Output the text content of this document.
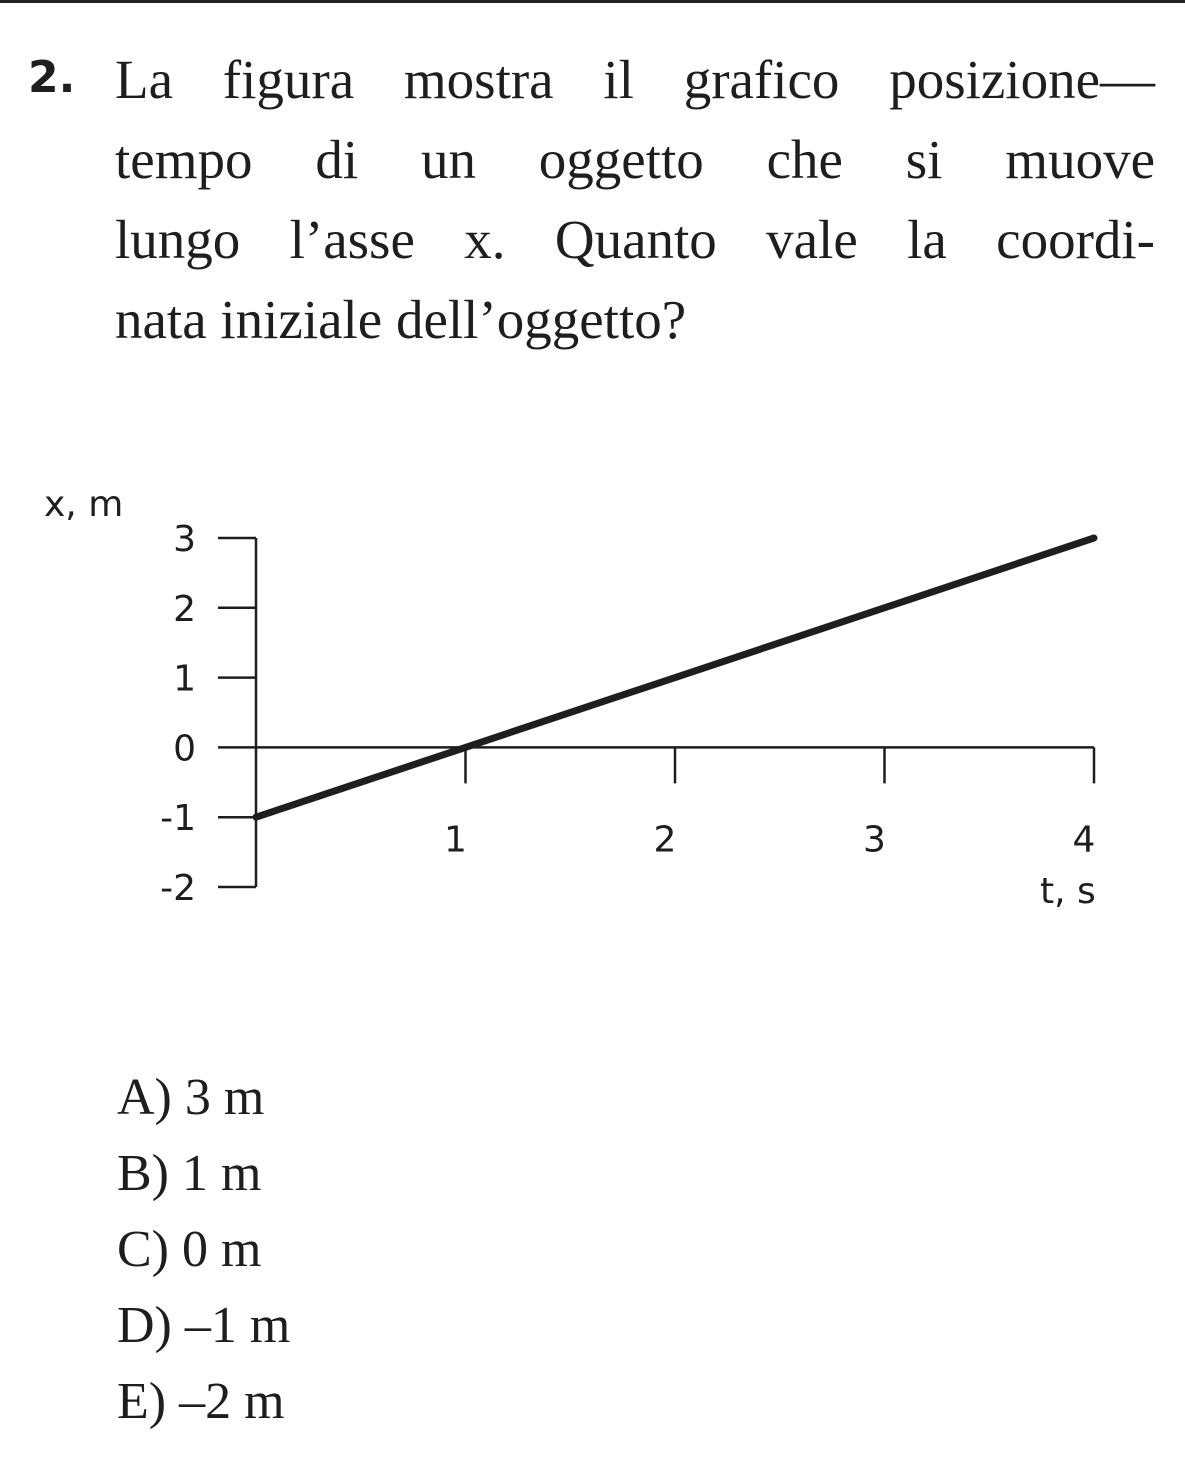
2. La figura mostra il grafico posizione—
tempo di un oggetto che si muove
lungo l’asse x. Quanto vale la coordi-
nata iniziale dell’oggetto?
x, m
t, s
3
2
1
0
-1
-2
1	2	3	4
A) 3 m
B) 1 m
C) 0 m
D) –1 m
E) –2 m
